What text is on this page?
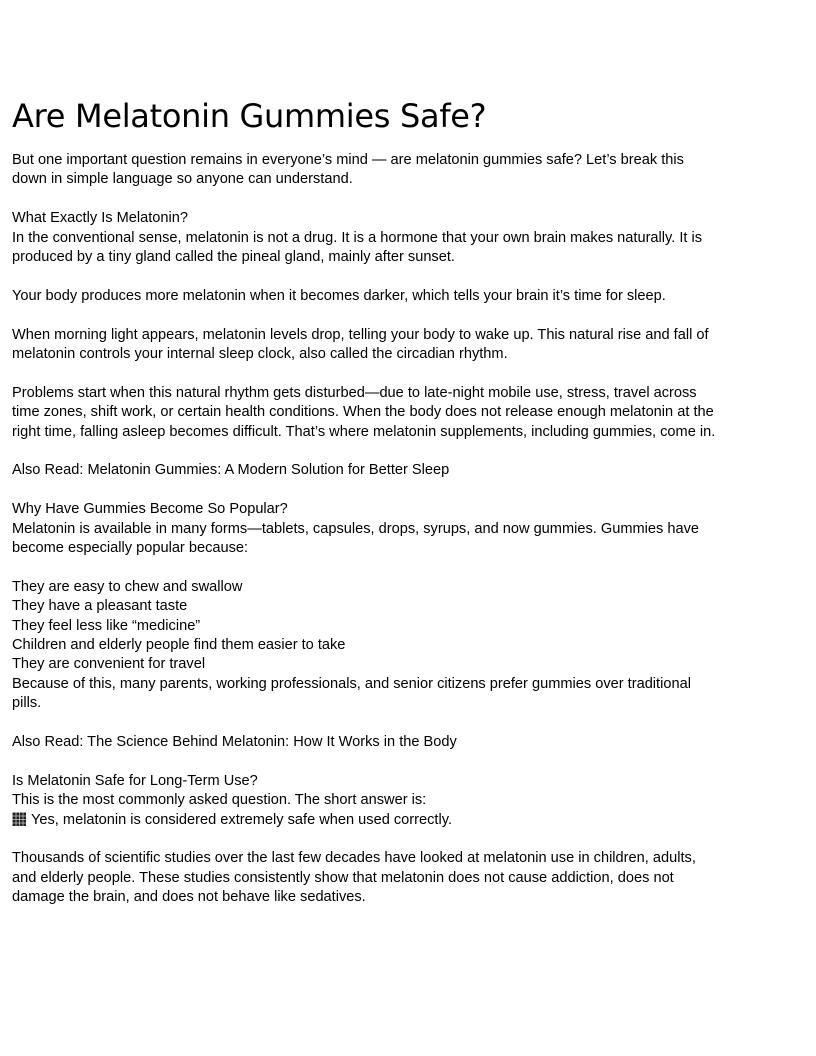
Are Melatonin Gummies Safe?
But one important question remains in everyone’s mind — are melatonin gummies safe? Let’s break this
down in simple language so anyone can understand.
What Exactly Is Melatonin?
In the conventional sense, melatonin is not a drug. It is a hormone that your own brain makes naturally. It is
produced by a tiny gland called the pineal gland, mainly after sunset.
Your body produces more melatonin when it becomes darker, which tells your brain it’s time for sleep.
When morning light appears, melatonin levels drop, telling your body to wake up. This natural rise and fall of
melatonin controls your internal sleep clock, also called the circadian rhythm.
Problems start when this natural rhythm gets disturbed—due to late-night mobile use, stress, travel across
time zones, shift work, or certain health conditions. When the body does not release enough melatonin at the
right time, falling asleep becomes difficult. That’s where melatonin supplements, including gummies, come in.
Also Read: Melatonin Gummies: A Modern Solution for Better Sleep
Why Have Gummies Become So Popular?
Melatonin is available in many forms—tablets, capsules, drops, syrups, and now gummies. Gummies have
become especially popular because:
They are easy to chew and swallow
They have a pleasant taste
They feel less like “medicine”
Children and elderly people find them easier to take
They are convenient for travel
Because of this, many parents, working professionals, and senior citizens prefer gummies over traditional
pills.
Also Read: The Science Behind Melatonin: How It Works in the Body
Is Melatonin Safe for Long-Term Use?
This is the most commonly asked question. The short answer is:
Yes, melatonin is considered extremely safe when used correctly.
Thousands of scientific studies over the last few decades have looked at melatonin use in children, adults,
and elderly people. These studies consistently show that melatonin does not cause addiction, does not
damage the brain, and does not behave like sedatives.
